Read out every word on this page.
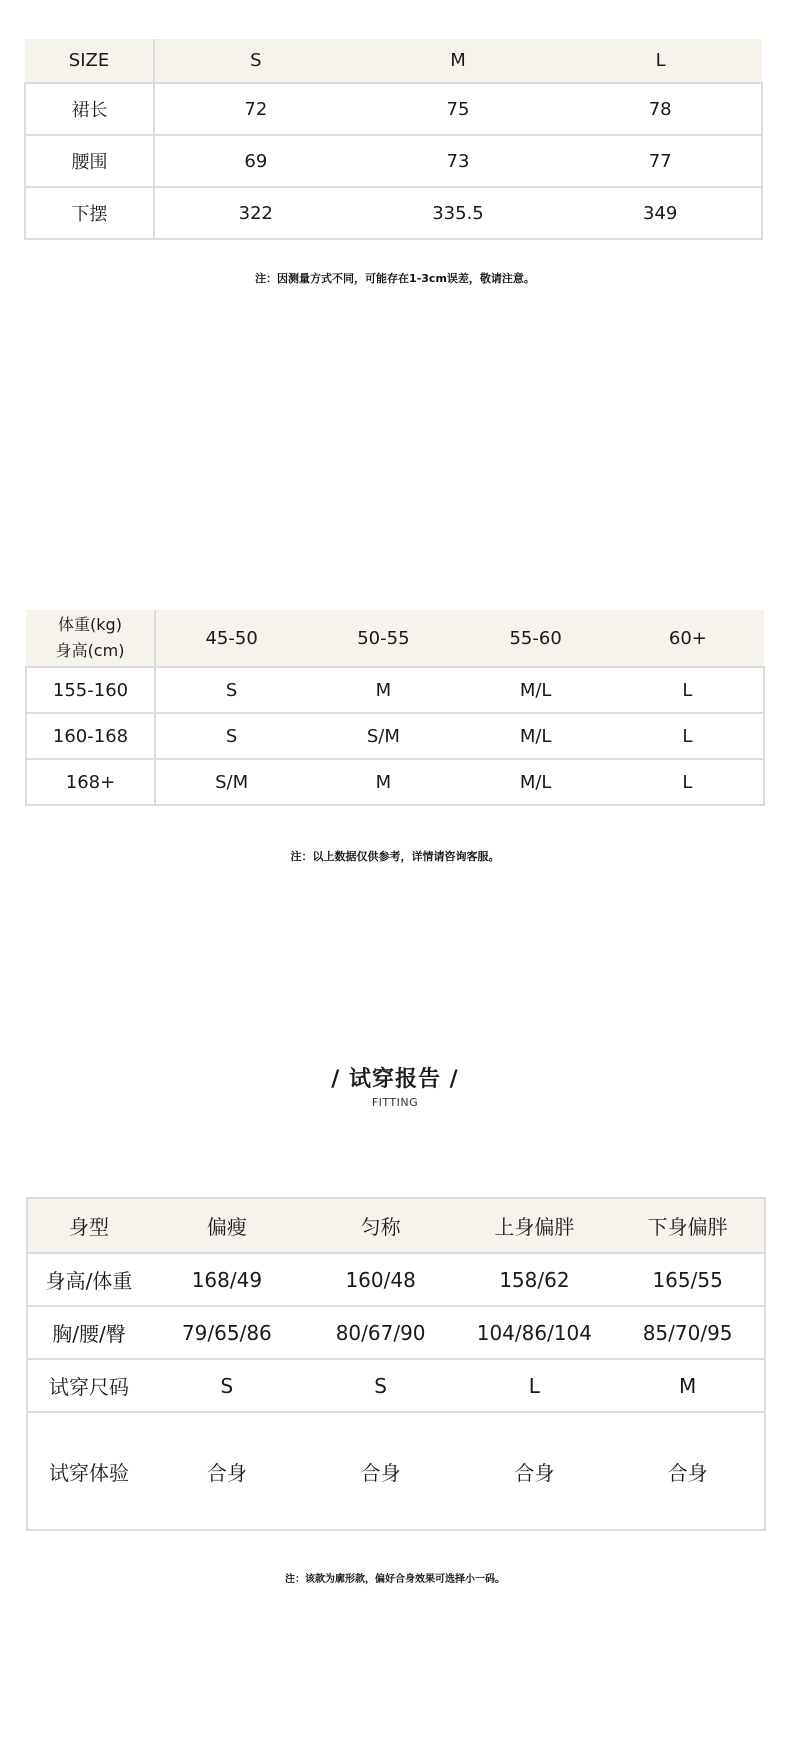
SIZE	S	M	L
裙长	72	75	78
腰围	69	73	77
下摆	322	335.5	349
注：因测量方式不同，可能存在1-3cm误差，敬请注意。
体重(kg)
身高(cm)	45-50	50-55	55-60	60+
155-160	S	M	M/L	L
160-168	S	S/M	M/L	L
168+	S/M	M	M/L	L
注：以上数据仅供参考，详情请咨询客服。
/ 试穿报告 /
FITTING
身型	偏瘦	匀称	上身偏胖	下身偏胖
身高/体重	168/49	160/48	158/62	165/55
胸/腰/臀	79/65/86	80/67/90	104/86/104	85/70/95
试穿尺码	S	S	L	M
试穿体验	合身	合身	合身	合身
注：该款为廓形款，偏好合身效果可选择小一码。
